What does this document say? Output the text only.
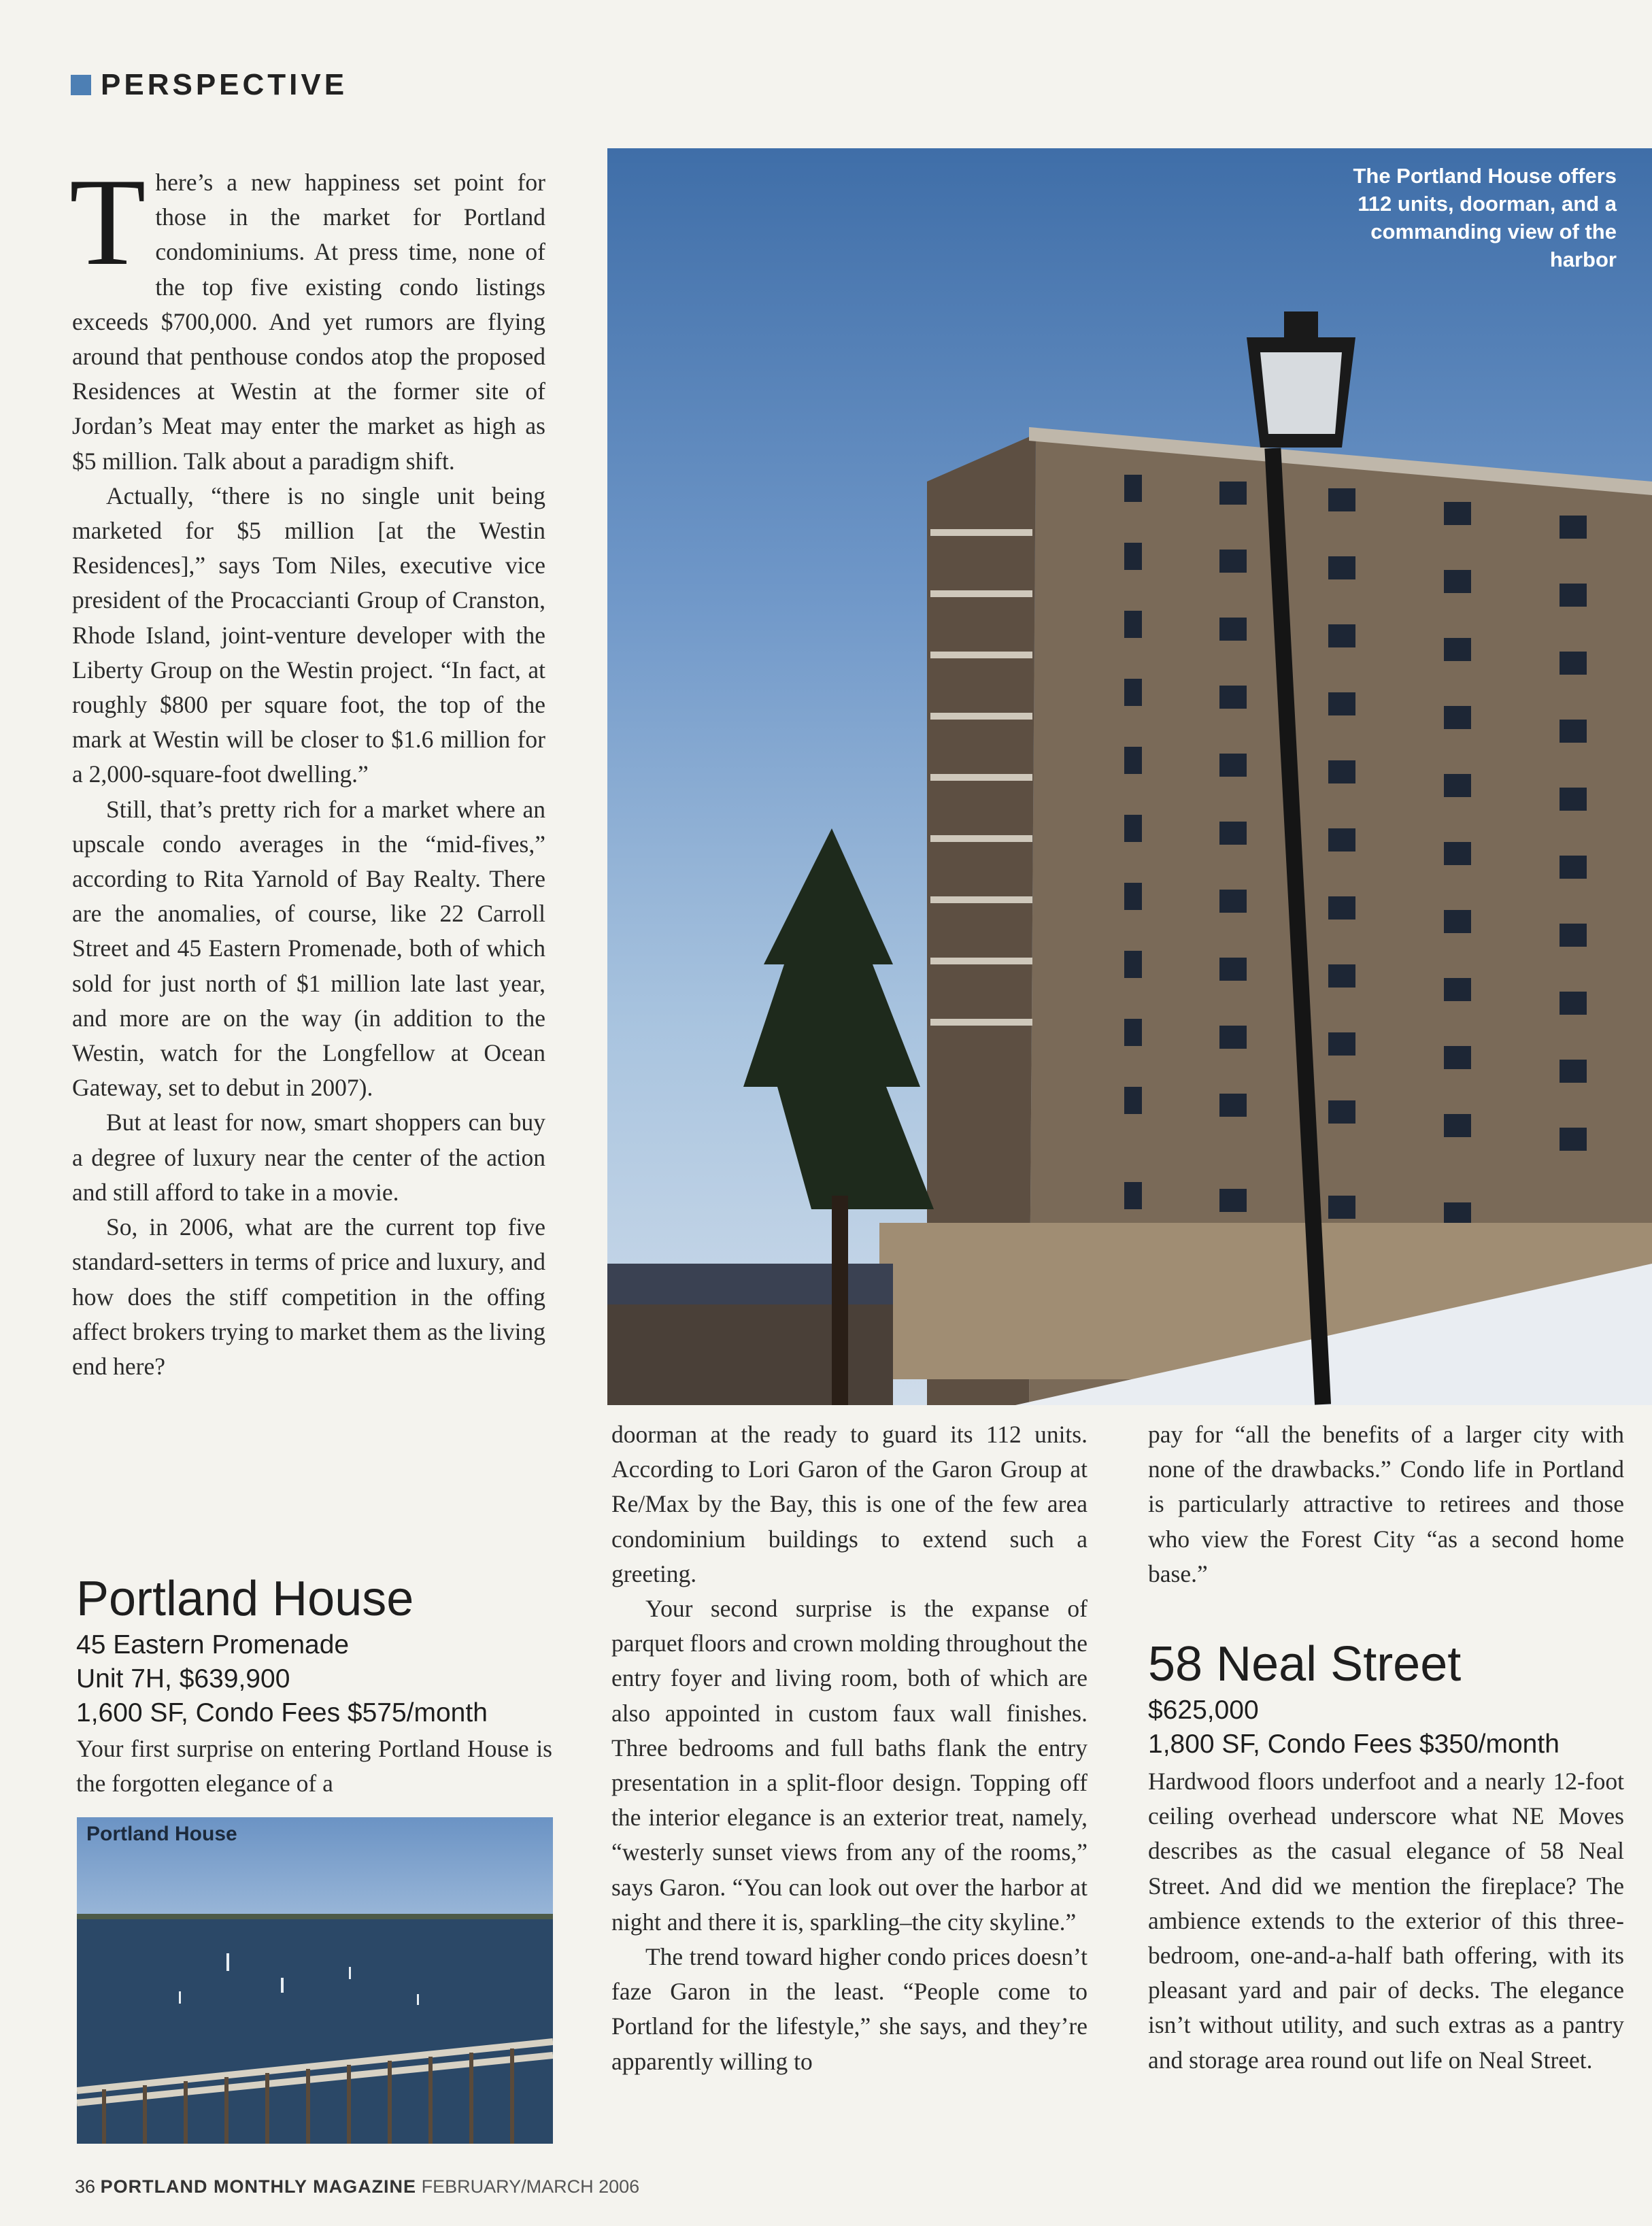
PERSPECTIVE

There’s a new happiness set point for those in the market for Portland condominiums. At press time, none of the top five existing condo listings exceeds $700,000. And yet rumors are flying around that penthouse condos atop the proposed Residences at Westin at the former site of Jordan’s Meat may enter the market as high as $5 million. Talk about a paradigm shift.

Actually, “there is no single unit being marketed for $5 million [at the Westin Residences],” says Tom Niles, executive vice president of the Procaccianti Group of Cranston, Rhode Island, joint-venture developer with the Liberty Group on the Westin project. “In fact, at roughly $800 per square foot, the top of the mark at Westin will be closer to $1.6 million for a 2,000-square-foot dwelling.”

Still, that’s pretty rich for a market where an upscale condo averages in the “mid-fives,” according to Rita Yarnold of Bay Realty. There are the anomalies, of course, like 22 Carroll Street and 45 Eastern Promenade, both of which sold for just north of $1 million late last year, and more are on the way (in addition to the Westin, watch for the Longfellow at Ocean Gateway, set to debut in 2007).

But at least for now, smart shoppers can buy a degree of luxury near the center of the action and still afford to take in a movie.

So, in 2006, what are the current top five standard-setters in terms of price and luxury, and how does the stiff competition in the offing affect brokers trying to market them as the living end here?

Portland House
45 Eastern Promenade
Unit 7H, $639,900
1,600 SF, Condo Fees $575/month

Your first surprise on entering Portland House is the forgotten elegance of a

Portland House
The Portland House offers 112 units, doorman, and a commanding view of the harbor

doorman at the ready to guard its 112 units. According to Lori Garon of the Garon Group at Re/Max by the Bay, this is one of the few area condominium buildings to extend such a greeting.

Your second surprise is the expanse of parquet floors and crown molding throughout the entry foyer and living room, both of which are also appointed in custom faux wall finishes. Three bedrooms and full baths flank the entry presentation in a split-floor design. Topping off the interior elegance is an exterior treat, namely, “westerly sunset views from any of the rooms,” says Garon. “You can look out over the harbor at night and there it is, sparkling–the city skyline.”

The trend toward higher condo prices doesn’t faze Garon in the least. “People come to Portland for the lifestyle,” she says, and they’re apparently willing to

pay for “all the benefits of a larger city with none of the drawbacks.” Condo life in Portland is particularly attractive to retirees and those who view the Forest City “as a second home base.”

58 Neal Street
$625,000
1,800 SF, Condo Fees $350/month

Hardwood floors underfoot and a nearly 12-foot ceiling overhead underscore what NE Moves describes as the casual elegance of 58 Neal Street. And did we mention the fireplace? The ambience extends to the exterior of this three-bedroom, one-and-a-half bath offering, with its pleasant yard and pair of decks. The elegance isn’t without utility, and such extras as a pantry and storage area round out life on Neal Street.

36 PORTLAND MONTHLY MAGAZINE FEBRUARY/MARCH 2006
